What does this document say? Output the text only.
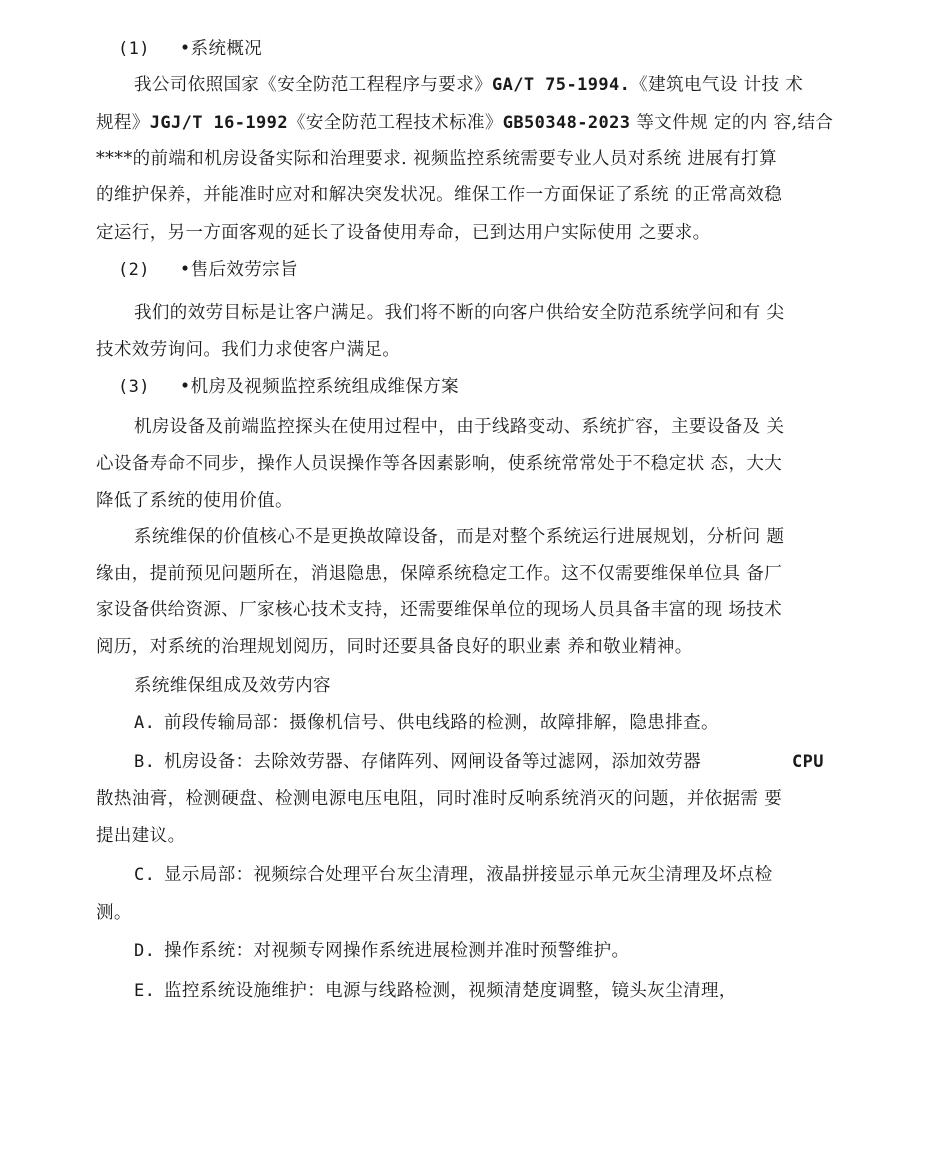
(1) •系统概况
我公司依照国家《安全防范工程程序与要求》GA/T 75-1994.《建筑电气设 计技 术
规程》JGJ/T 16-1992《安全防范工程技术标准》GB50348-2023 等文件规 定的内 容,结合
****的前端和机房设备实际和治理要求. 视频监控系统需要专业人员对系统 进展有打算
的维护保养，并能准时应对和解决突发状况。维保工作一方面保证了系统 的正常高效稳
定运行，另一方面客观的延长了设备使用寿命，已到达用户实际使用 之要求。
(2) •售后效劳宗旨
我们的效劳目标是让客户满足。我们将不断的向客户供给安全防范系统学问和有 尖
技术效劳询问。我们力求使客户满足。
(3) •机房及视频监控系统组成维保方案
机房设备及前端监控探头在使用过程中，由于线路变动、系统扩容，主要设备及 关
心设备寿命不同步，操作人员误操作等各因素影响，使系统常常处于不稳定状 态，大大
降低了系统的使用价值。
系统维保的价值核心不是更换故障设备，而是对整个系统运行进展规划，分析问 题
缘由，提前预见问题所在，消退隐患，保障系统稳定工作。这不仅需要维保单位具 备厂
家设备供给资源、厂家核心技术支持，还需要维保单位的现场人员具备丰富的现 场技术
阅历，对系统的治理规划阅历，同时还要具备良好的职业素 养和敬业精神。
系统维保组成及效劳内容
A. 前段传输局部：摄像机信号、供电线路的检测，故障排解，隐患排查。
B. 机房设备：去除效劳器、存储阵列、网闸设备等过滤网，添加效劳器	CPU
散热油膏，检测硬盘、检测电源电压电阻，同时准时反响系统消灭的问题，并依据需 要
提出建议。
C. 显示局部：视频综合处理平台灰尘清理，液晶拼接显示单元灰尘清理及坏点检
测。
D. 操作系统：对视频专网操作系统进展检测并准时预警维护。
E. 监控系统设施维护：电源与线路检测，视频清楚度调整，镜头灰尘清理，
